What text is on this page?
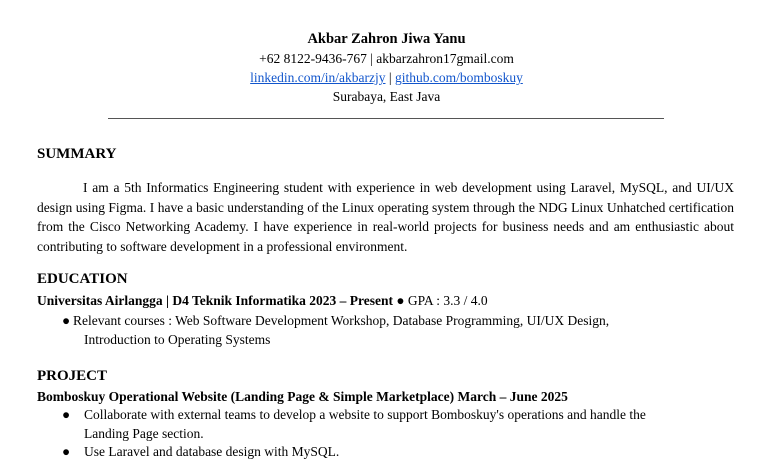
Akbar Zahron Jiwa Yanu
+62 8122-9436-767 | akbarzahron17gmail.com
linkedin.com/in/akbarzjy | github.com/bomboskuy
Surabaya, East Java
SUMMARY
I am a 5th Informatics Engineering student with experience in web development using Laravel, MySQL, and UI/UX design using Figma. I have a basic understanding of the Linux operating system through the NDG Linux Unhatched certification from the Cisco Networking Academy. I have experience in real-world projects for business needs and am enthusiastic about contributing to software development in a professional environment.
EDUCATION
Universitas Airlangga | D4 Teknik Informatika 2023 – Present ● GPA : 3.3 / 4.0
● Relevant courses : Web Software Development Workshop, Database Programming, UI/UX Design,
Introduction to Operating Systems
PROJECT
Bomboskuy Operational Website (Landing Page & Simple Marketplace) March – June 2025
● Collaborate with external teams to develop a website to support Bomboskuy's operations and handle the
Landing Page section.
● Use Laravel and database design with MySQL.
